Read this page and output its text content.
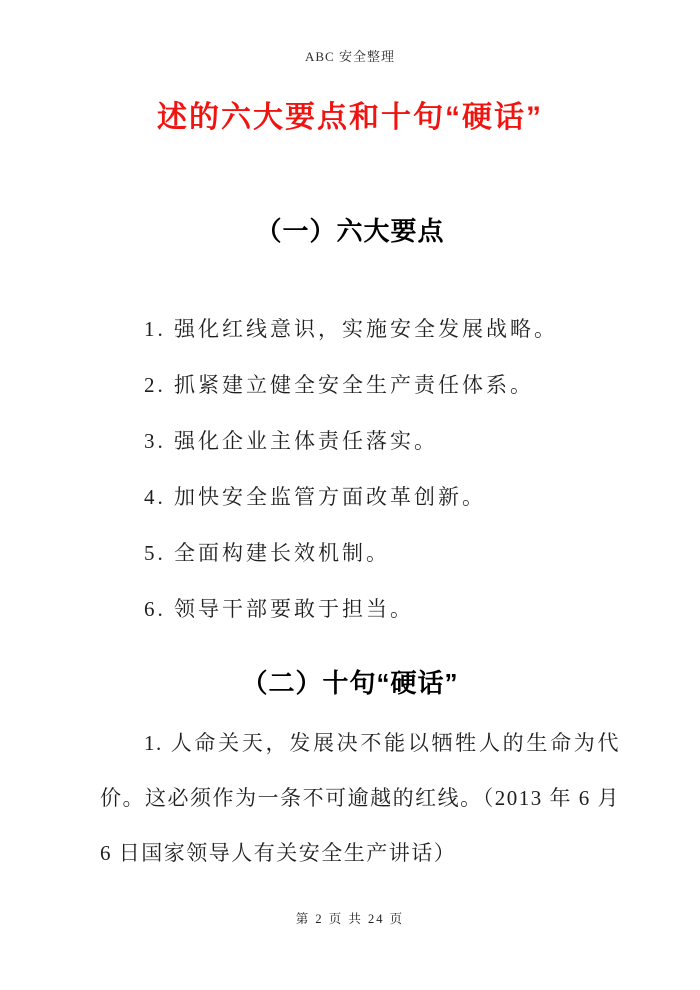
ABC 安全整理
述的六大要点和十句“硬话”
（一）六大要点

1. 强化红线意识，实施安全发展战略。

2. 抓紧建立健全安全生产责任体系。

3. 强化企业主体责任落实。

4. 加快安全监管方面改革创新。

5. 全面构建长效机制。

6. 领导干部要敢于担当。

（二）十句“硬话”

1. 人命关天，发展决不能以牺牲人的生命为代价。这必须作为一条不可逾越的红线。（2013 年 6 月 6 日国家领导人有关安全生产讲话）

第 2 页 共 24 页
